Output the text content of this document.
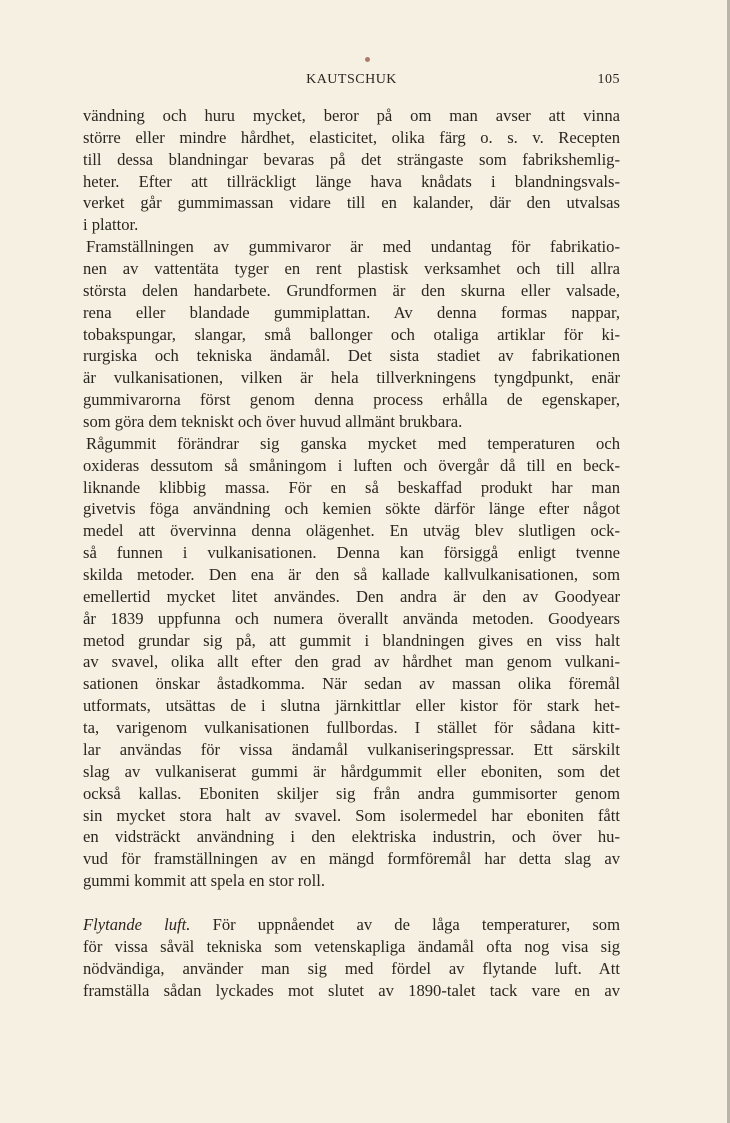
KAUTSCHUK	105
vändning och huru mycket, beror på om man avser att vinna
större eller mindre hårdhet, elasticitet, olika färg o. s. v. Recepten
till dessa blandningar bevaras på det strängaste som fabrikshemlig-
heter. Efter att tillräckligt länge hava knådats i blandningsvals-
verket går gummimassan vidare till en kalander, där den utvalsas
i plattor.
Framställningen av gummivaror är med undantag för fabrikatio-
nen av vattentäta tyger en rent plastisk verksamhet och till allra
största delen handarbete. Grundformen är den skurna eller valsade,
rena eller blandade gummiplattan. Av denna formas nappar,
tobakspungar, slangar, små ballonger och otaliga artiklar för ki-
rurgiska och tekniska ändamål. Det sista stadiet av fabrikationen
är vulkanisationen, vilken är hela tillverkningens tyngdpunkt, enär
gummivarorna först genom denna process erhålla de egenskaper,
som göra dem tekniskt och över huvud allmänt brukbara.
Rågummit förändrar sig ganska mycket med temperaturen och
oxideras dessutom så småningom i luften och övergår då till en beck-
liknande klibbig massa. För en så beskaffad produkt har man
givetvis föga användning och kemien sökte därför länge efter något
medel att övervinna denna olägenhet. En utväg blev slutligen ock-
så funnen i vulkanisationen. Denna kan försiggå enligt tvenne
skilda metoder. Den ena är den så kallade kallvulkanisationen, som
emellertid mycket litet användes. Den andra är den av Goodyear
år 1839 uppfunna och numera överallt använda metoden. Goodyears
metod grundar sig på, att gummit i blandningen gives en viss halt
av svavel, olika allt efter den grad av hårdhet man genom vulkani-
sationen önskar åstadkomma. När sedan av massan olika föremål
utformats, utsättas de i slutna järnkittlar eller kistor för stark het-
ta, varigenom vulkanisationen fullbordas. I stället för sådana kitt-
lar användas för vissa ändamål vulkaniseringspressar. Ett särskilt
slag av vulkaniserat gummi är hårdgummit eller eboniten, som det
också kallas. Eboniten skiljer sig från andra gummisorter genom
sin mycket stora halt av svavel. Som isolermedel har eboniten fått
en vidsträckt användning i den elektriska industrin, och över hu-
vud för framställningen av en mängd formföremål har detta slag av
gummi kommit att spela en stor roll.
Flytande luft. För uppnåendet av de låga temperaturer, som
för vissa såväl tekniska som vetenskapliga ändamål ofta nog visa sig
nödvändiga, använder man sig med fördel av flytande luft. Att
framställa sådan lyckades mot slutet av 1890-talet tack vare en av
